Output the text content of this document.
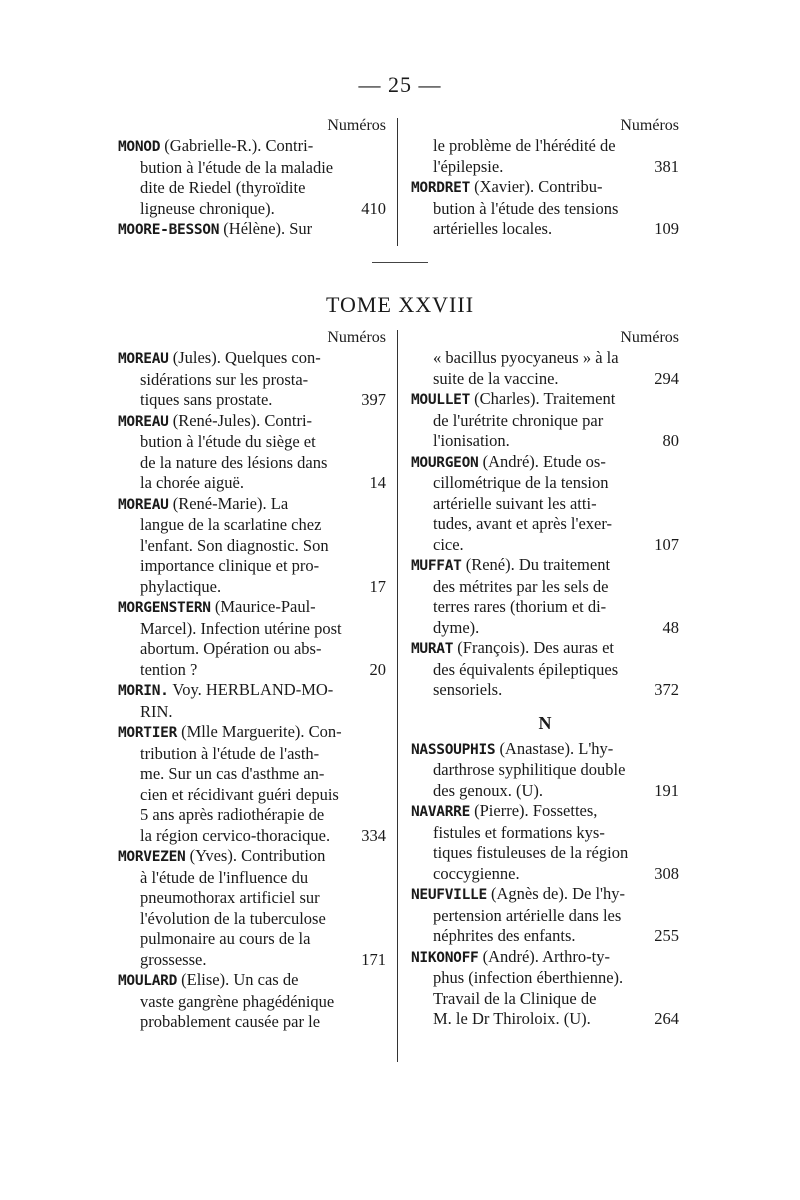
— 25 —
Numéros
MONOD (Gabrielle-R.). Contri-
bution à l'étude de la maladie
dite de Riedel (thyroïdite
ligneuse chronique).	410
MOORE-BESSON (Hélène). Sur
Numéros
le problème de l'hérédité de
l'épilepsie.	381
MORDRET (Xavier). Contribu-
bution à l'étude des tensions
artérielles locales.	109
TOME XXVIII
Numéros
MOREAU (Jules). Quelques con-
sidérations sur les prosta-
tiques sans prostate.	397
MOREAU (René-Jules). Contri-
bution à l'étude du siège et
de la nature des lésions dans
la chorée aiguë.	14
MOREAU (René-Marie). La
langue de la scarlatine chez
l'enfant. Son diagnostic. Son
importance clinique et pro-
phylactique.	17
MORGENSTERN (Maurice-Paul-
Marcel). Infection utérine post
abortum. Opération ou abs-
tention ?	20
MORIN. Voy. HERBLAND-MO-
RIN.
MORTIER (Mlle Marguerite). Con-
tribution à l'étude de l'asth-
me. Sur un cas d'asthme an-
cien et récidivant guéri depuis
5 ans après radiothérapie de
la région cervico-thoracique. 334
MORVEZEN (Yves). Contribution
à l'étude de l'influence du
pneumothorax artificiel sur
l'évolution de la tuberculose
pulmonaire au cours de la
grossesse.	171
MOULARD (Elise). Un cas de
vaste gangrène phagédénique
probablement causée par le
Numéros
« bacillus pyocyaneus » à la
suite de la vaccine.	294
MOULLET (Charles). Traitement
de l'urétrite chronique par
l'ionisation.	80
MOURGEON (André). Etude os-
cillométrique de la tension
artérielle suivant les atti-
tudes, avant et après l'exer-
cice.	107
MUFFAT (René). Du traitement
des métrites par les sels de
terres rares (thorium et di-
dyme).	48
MURAT (François). Des auras et
des équivalents épileptiques
sensoriels.	372
N
NASSOUPHIS (Anastase). L'hy-
darthrose syphilitique double
des genoux. (U).	191
NAVARRE (Pierre). Fossettes,
fistules et formations kys-
tiques fistuleuses de la région
coccygienne.	308
NEUFVILLE (Agnès de). De l'hy-
pertension artérielle dans les
néphrites des enfants.	255
NIKONOFF (André). Arthro-ty-
phus (infection éberthienne).
Travail de la Clinique de
M. le Dr Thiroloix. (U).	264
